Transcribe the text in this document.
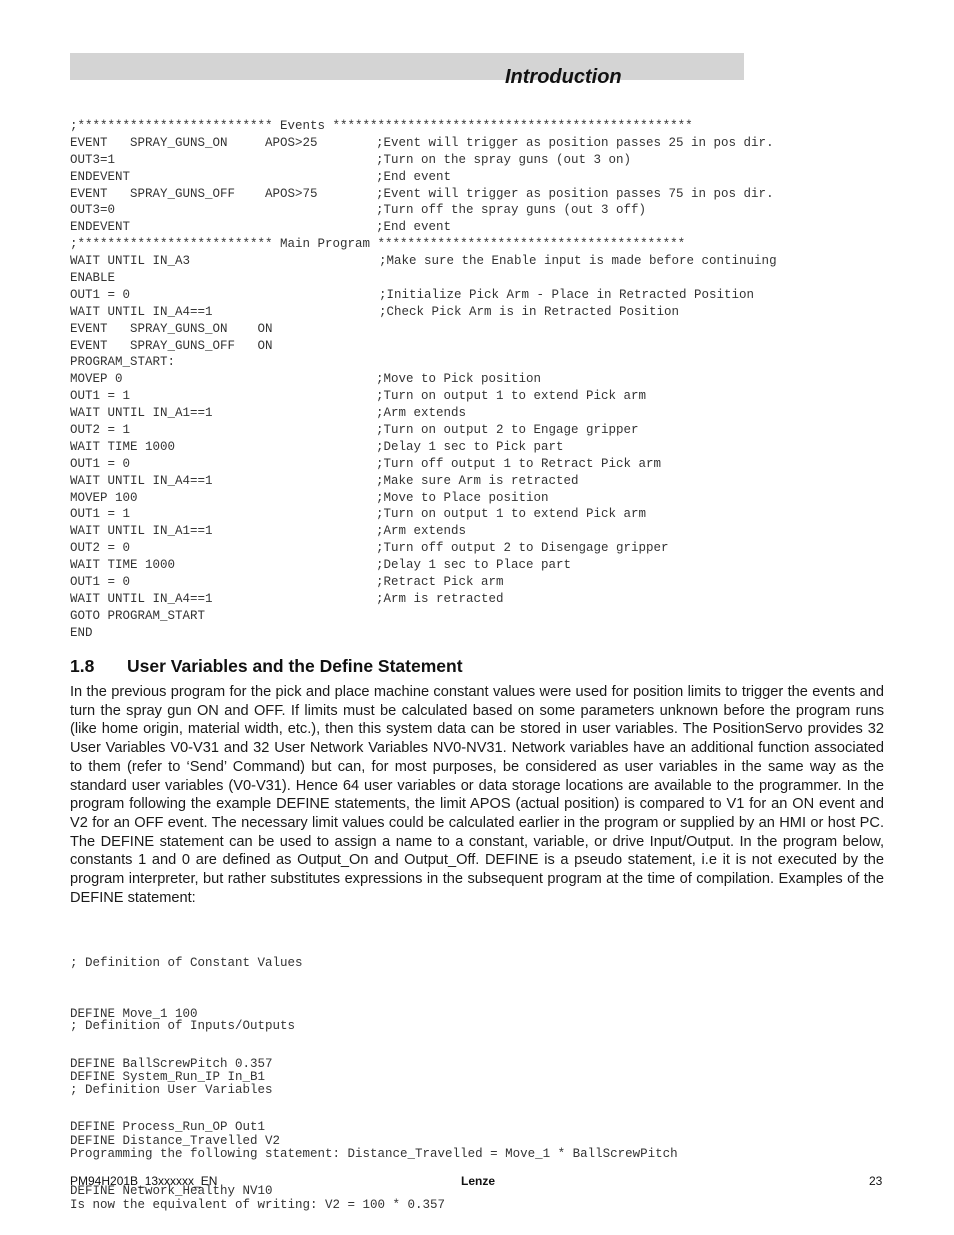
Introduction
;************************** Events ************************************************
EVENT   SPRAY_GUNS_ON     APOS>25	;Event will trigger as position passes 25 in pos dir.
OUT3=1	;Turn on the spray guns (out 3 on)
ENDEVENT	;End event
EVENT   SPRAY_GUNS_OFF    APOS>75	;Event will trigger as position passes 75 in pos dir.
OUT3=0	;Turn off the spray guns (out 3 off)
ENDEVENT	;End event
;************************** Main Program *****************************************
WAIT UNTIL IN_A3	;Make sure the Enable input is made before continuing
ENABLE
OUT1 = 0	;Initialize Pick Arm - Place in Retracted Position
WAIT UNTIL IN_A4==1	;Check Pick Arm is in Retracted Position
EVENT   SPRAY_GUNS_ON    ON
EVENT   SPRAY_GUNS_OFF   ON
PROGRAM_START:
MOVEP 0	;Move to Pick position
OUT1 = 1	;Turn on output 1 to extend Pick arm
WAIT UNTIL IN_A1==1	;Arm extends
OUT2 = 1	;Turn on output 2 to Engage gripper
WAIT TIME 1000	;Delay 1 sec to Pick part
OUT1 = 0	;Turn off output 1 to Retract Pick arm
WAIT UNTIL IN_A4==1	;Make sure Arm is retracted
MOVEP 100	;Move to Place position
OUT1 = 1	;Turn on output 1 to extend Pick arm
WAIT UNTIL IN_A1==1	;Arm extends
OUT2 = 0	;Turn off output 2 to Disengage gripper
WAIT TIME 1000	;Delay 1 sec to Place part
OUT1 = 0	;Retract Pick arm
WAIT UNTIL IN_A4==1	;Arm is retracted
GOTO PROGRAM_START
END
1.8 User Variables and the Define Statement

In the previous program for the pick and place machine constant values were used for position limits to trigger the events and turn the spray gun ON and OFF. If limits must be calculated based on some parameters unknown before the program runs (like home origin, material width, etc.), then this system data can be stored in user variables. The PositionServo provides 32 User Variables V0-V31 and 32 User Network Variables NV0-NV31. Network variables have an additional function associated to them (refer to ‘Send’ Command) but can, for most purposes, be considered as user variables in the same way as the standard user variables (V0-V31). Hence 64 user variables or data storage locations are available to the programmer. In the program following the example DEFINE statements, the limit APOS (actual position) is compared to V1 for an ON event and V2 for an OFF event. The necessary limit values could be calculated earlier in the program or supplied by an HMI or host PC. The DEFINE statement can be used to assign a name to a constant, variable, or drive Input/Output. In the program below, constants 1 and 0 are defined as Output_On and Output_Off. DEFINE is a pseudo statement, i.e it is not executed by the program interpreter, but rather substitutes expressions in the subsequent program at the time of compilation. Examples of the DEFINE statement:

; Definition of Constant Values

DEFINE Move_1 100

DEFINE BallScrewPitch 0.357

; Definition of Inputs/Outputs

DEFINE System_Run_IP In_B1

DEFINE Process_Run_OP Out1

; Definition User Variables

DEFINE Distance_Travelled V2

DEFINE Network_Healthy NV10

Programming the following statement: Distance_Travelled = Move_1 * BallScrewPitch

Is now the equivalent of writing: V2 = 100 * 0.357

PM94H201B_13xxxxxx_EN	Lenze	23
